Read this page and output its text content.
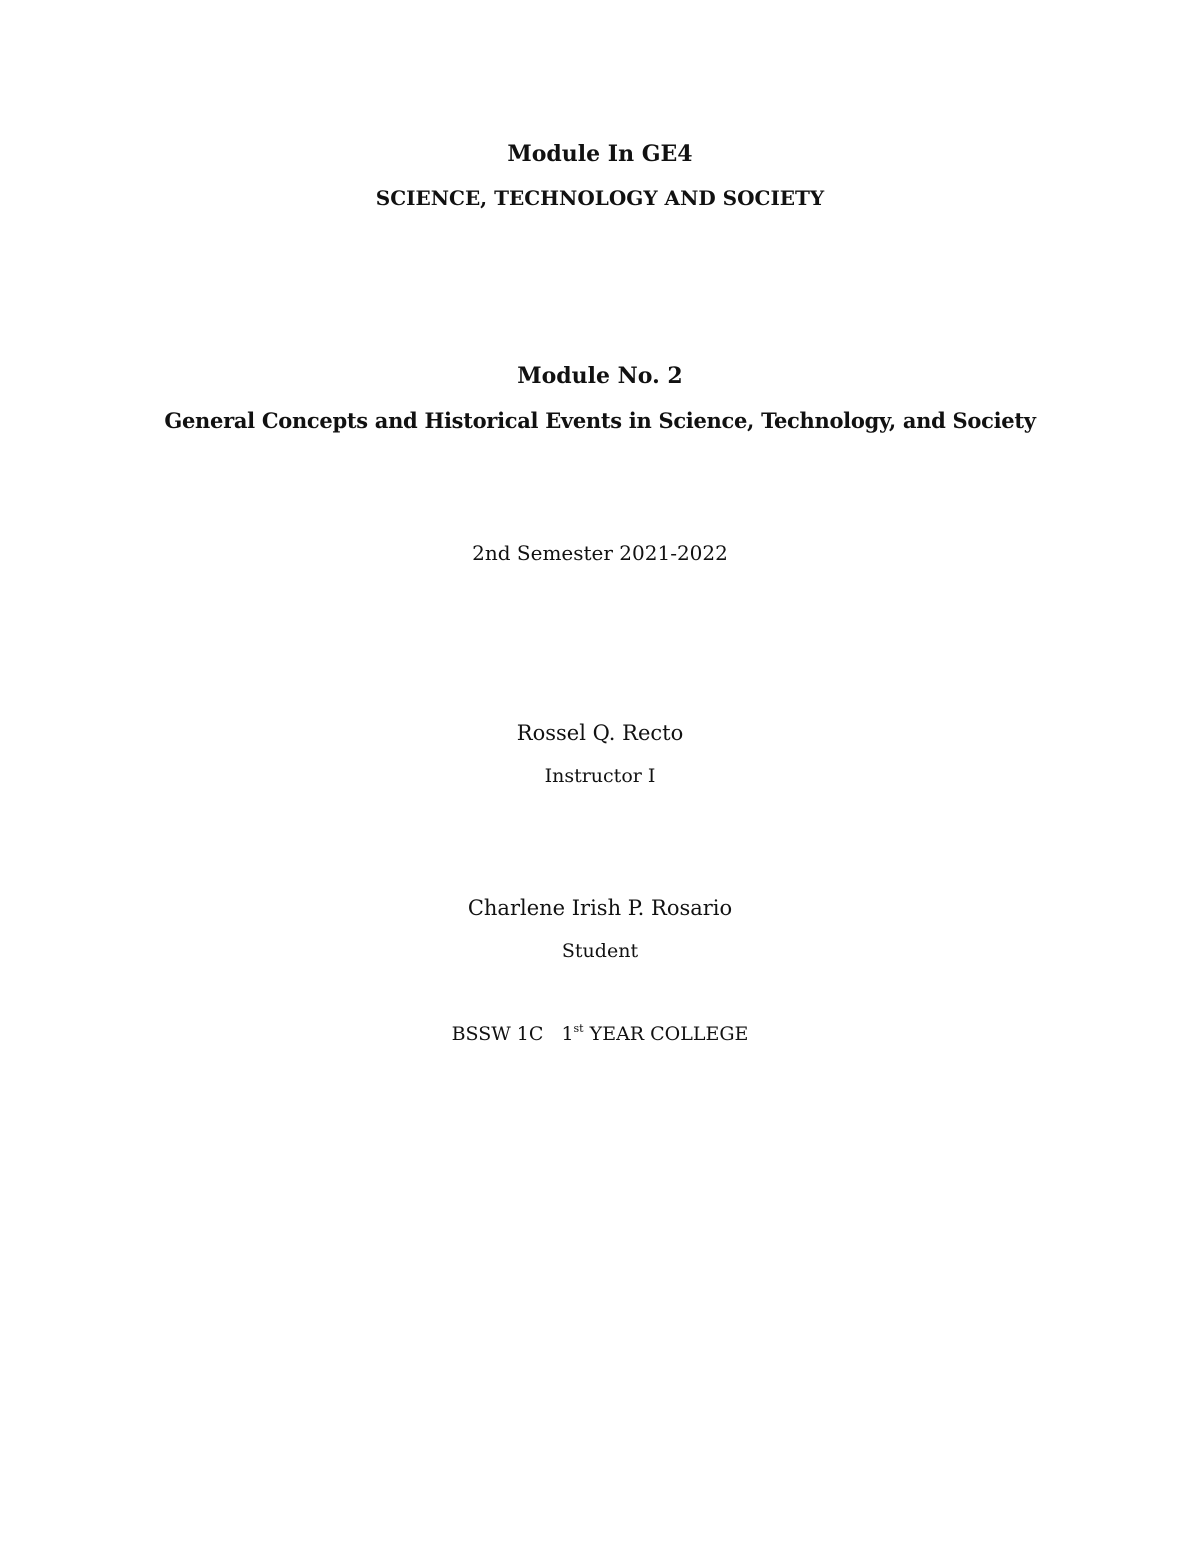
Module In GE4
SCIENCE, TECHNOLOGY AND SOCIETY
Module No. 2
General Concepts and Historical Events in Science, Technology, and Society
2nd Semester 2021-2022
Rossel Q. Recto
Instructor I
Charlene Irish P. Rosario
Student
BSSW 1C 1st YEAR COLLEGE
